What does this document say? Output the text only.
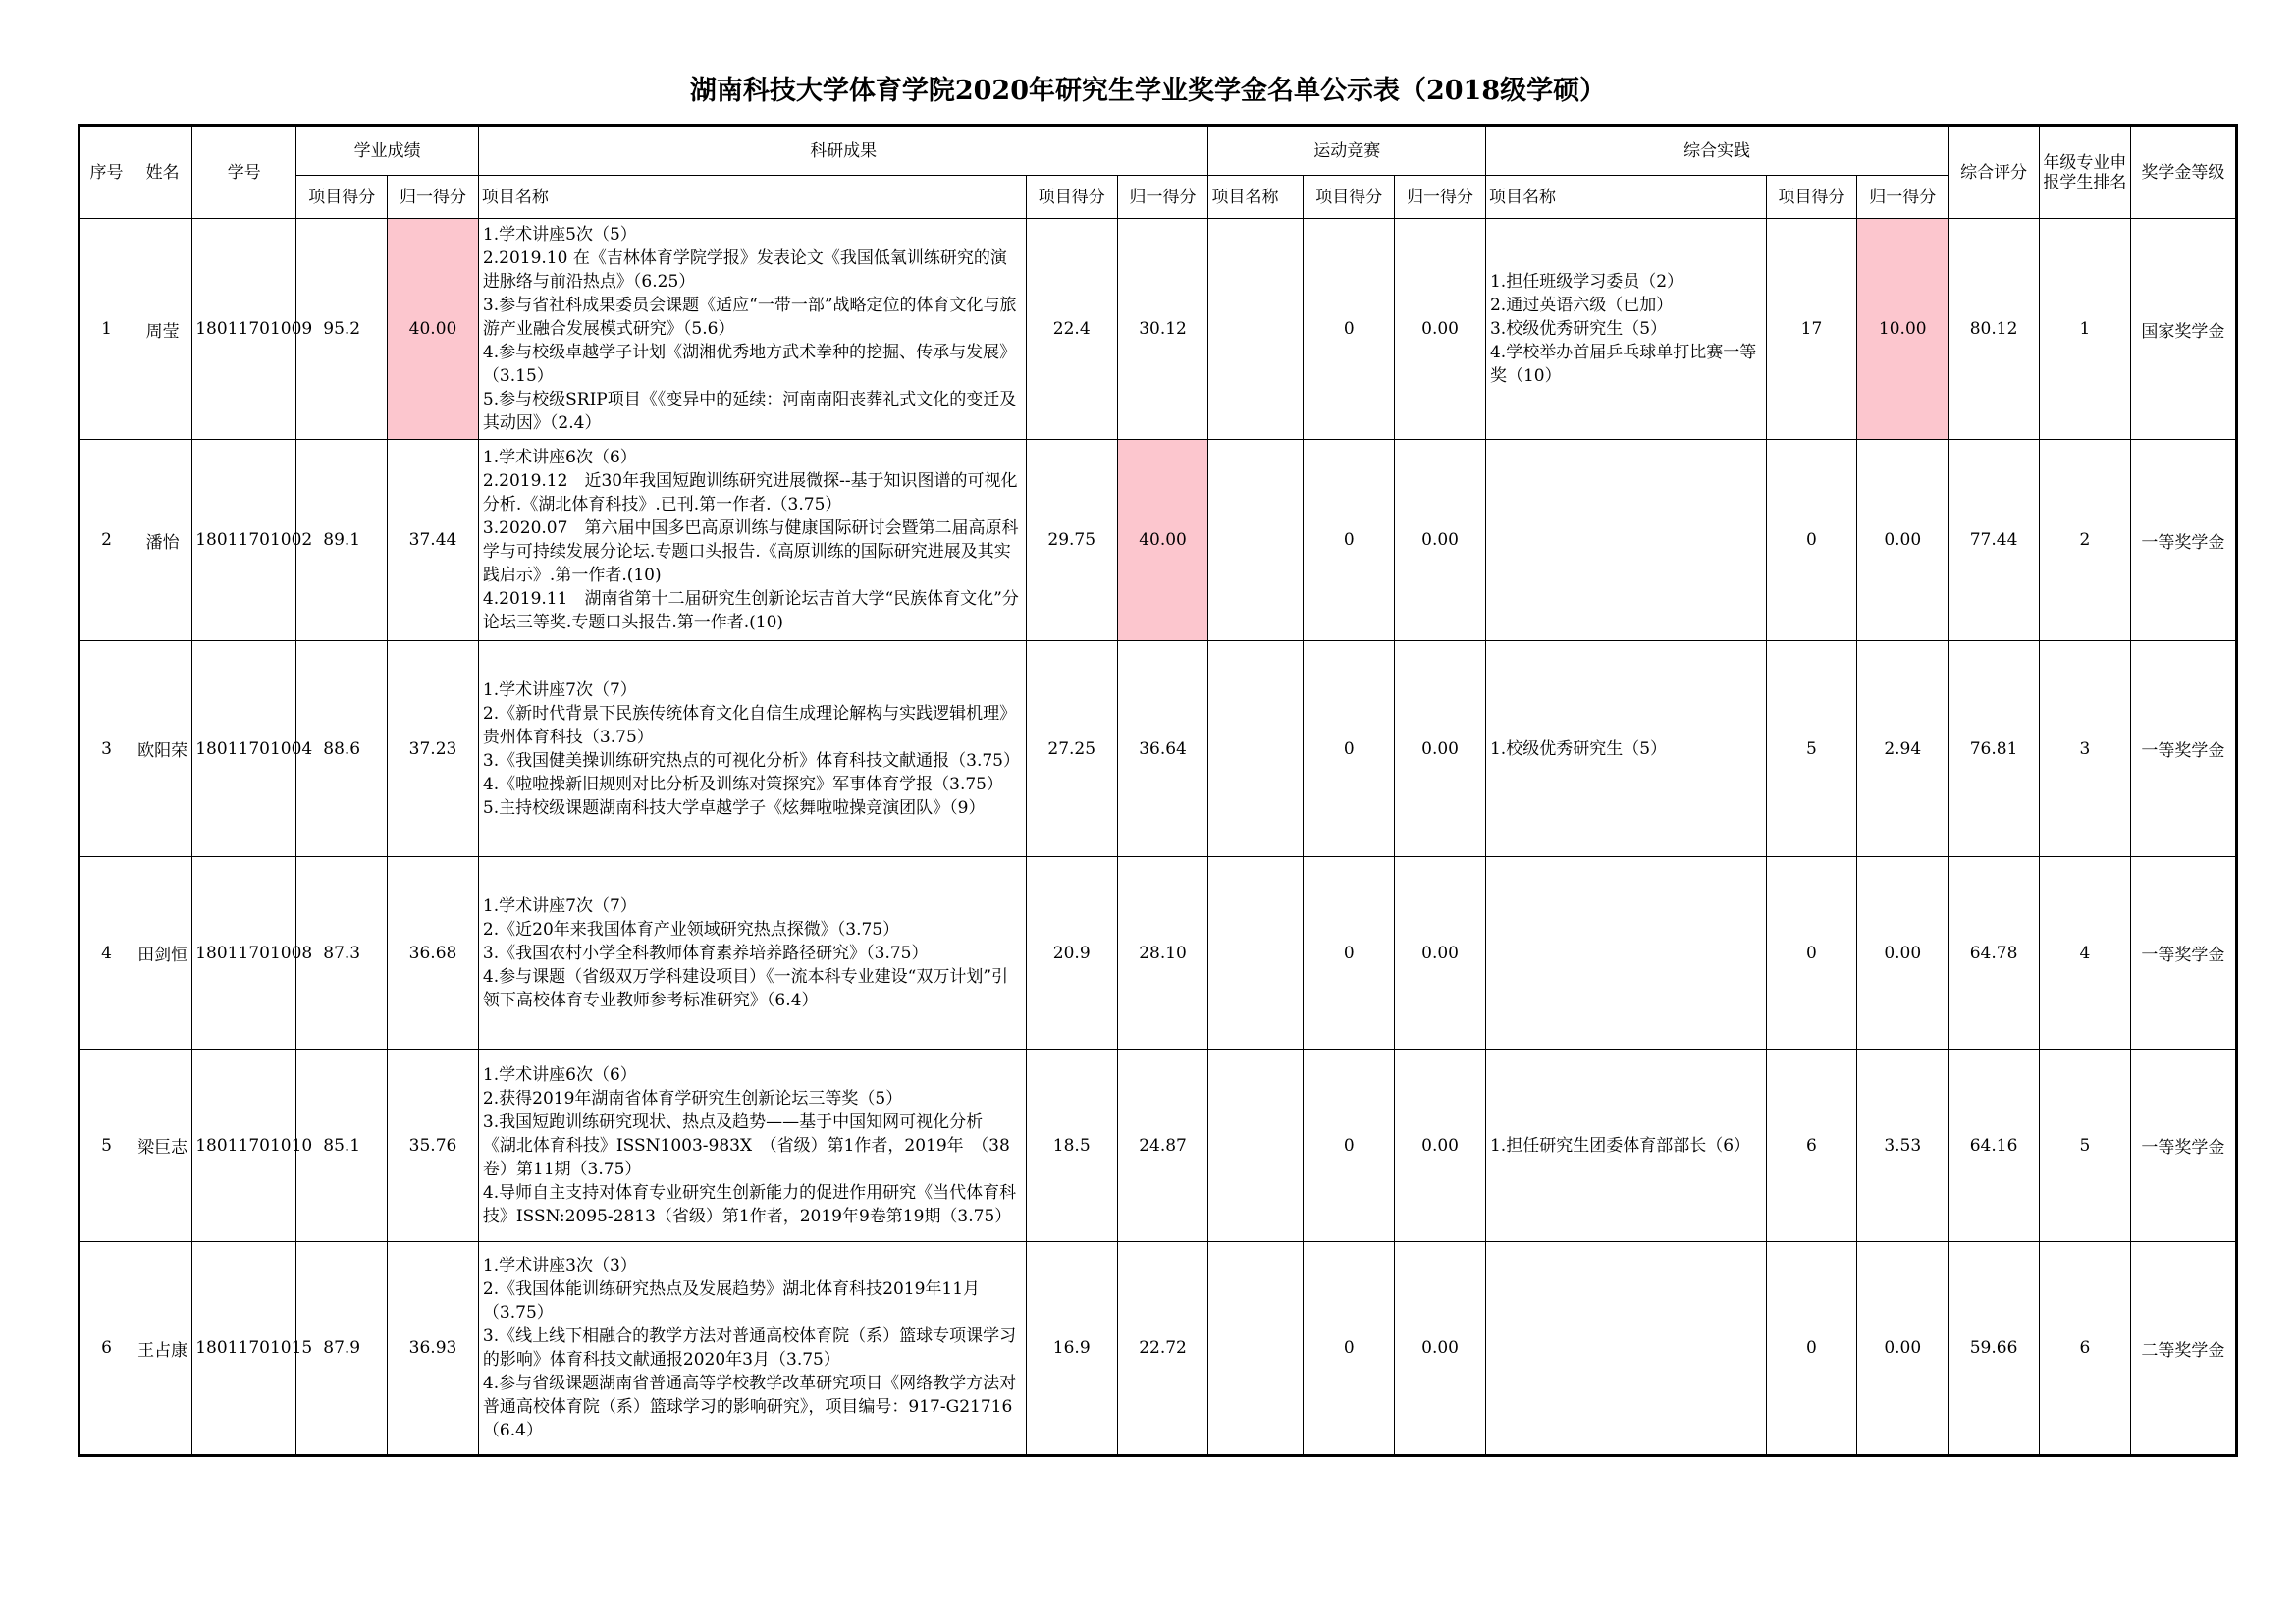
湖南科技大学体育学院2020年研究生学业奖学金名单公示表（2018级学硕）
序号	姓名	学号	学业成绩		科研成果			运动竞赛			综合实践			综合评分	年级专业申报学生排名	奖学金等级
			项目得分	归一得分	项目名称	项目得分	归一得分	项目名称	项目得分	归一得分	项目名称	项目得分	归一得分			
1	周莹	18011701009	95.2	40.00	1.学术讲座5次（5）
2.2019.10 在《吉林体育学院学报》发表论文《我国低氧训练研究的演进脉络与前沿热点》（6.25）
3.参与省社科成果委员会课题《适应“一带一部”战略定位的体育文化与旅游产业融合发展模式研究》（5.6）
4.参与校级卓越学子计划《湖湘优秀地方武术拳种的挖掘、传承与发展》（3.15）
5.参与校级SRIP项目《《变异中的延续：河南南阳丧葬礼式文化的变迁及其动因》（2.4）	22.4	30.12		0	0.00	1.担任班级学习委员（2）
2.通过英语六级（已加）
3.校级优秀研究生（5）
4.学校举办首届乒乓球单打比赛一等奖（10）	17	10.00	80.12	1	国家奖学金
2	潘怡	18011701002	89.1	37.44	1.学术讲座6次（6）
2.2019.12　近30年我国短跑训练研究进展微探--基于知识图谱的可视化分析.《湖北体育科技》.已刊.第一作者.（3.75）
3.2020.07　第六届中国多巴高原训练与健康国际研讨会暨第二届高原科学与可持续发展分论坛.专题口头报告.《高原训练的国际研究进展及其实践启示》.第一作者.(10)
4.2019.11　湖南省第十二届研究生创新论坛吉首大学“民族体育文化”分论坛三等奖.专题口头报告.第一作者.(10)	29.75	40.00		0	0.00		0	0.00	77.44	2	一等奖学金
3	欧阳荣	18011701004	88.6	37.23	1.学术讲座7次（7）
2.《新时代背景下民族传统体育文化自信生成理论解构与实践逻辑机理》贵州体育科技（3.75）
3.《我国健美操训练研究热点的可视化分析》体育科技文献通报（3.75）
4.《啦啦操新旧规则对比分析及训练对策探究》军事体育学报（3.75）
5.主持校级课题湖南科技大学卓越学子《炫舞啦啦操竞演团队》（9）	27.25	36.64		0	0.00	1.校级优秀研究生（5）	5	2.94	76.81	3	一等奖学金
4	田剑恒	18011701008	87.3	36.68	1.学术讲座7次（7）
2.《近20年来我国体育产业领域研究热点探微》（3.75）
3.《我国农村小学全科教师体育素养培养路径研究》（3.75）
4.参与课题（省级双万学科建设项目）《一流本科专业建设“双万计划”引领下高校体育专业教师参考标准研究》（6.4）	20.9	28.10		0	0.00		0	0.00	64.78	4	一等奖学金
5	梁巨志	18011701010	85.1	35.76	1.学术讲座6次（6）
2.获得2019年湖南省体育学研究生创新论坛三等奖（5）
3.我国短跑训练研究现状、热点及趋势——基于中国知网可视化分析　《湖北体育科技》ISSN1003-983X　（省级）第1作者，2019年　（38卷）第11期（3.75）
4.导师自主支持对体育专业研究生创新能力的促进作用研究《当代体育科技》ISSN:2095-2813（省级）第1作者，2019年9卷第19期（3.75）	18.5	24.87		0	0.00	1.担任研究生团委体育部部长（6）	6	3.53	64.16	5	一等奖学金
6	王占康	18011701015	87.9	36.93	1.学术讲座3次（3）
2.《我国体能训练研究热点及发展趋势》湖北体育科技2019年11月（3.75）
3.《线上线下相融合的教学方法对普通高校体育院（系）篮球专项课学习的影响》体育科技文献通报2020年3月（3.75）
4.参与省级课题湖南省普通高等学校教学改革研究项目《网络教学方法对普通高校体育院（系）篮球学习的影响研究》，项目编号：917-G21716（6.4）	16.9	22.72		0	0.00		0	0.00	59.66	6	二等奖学金
